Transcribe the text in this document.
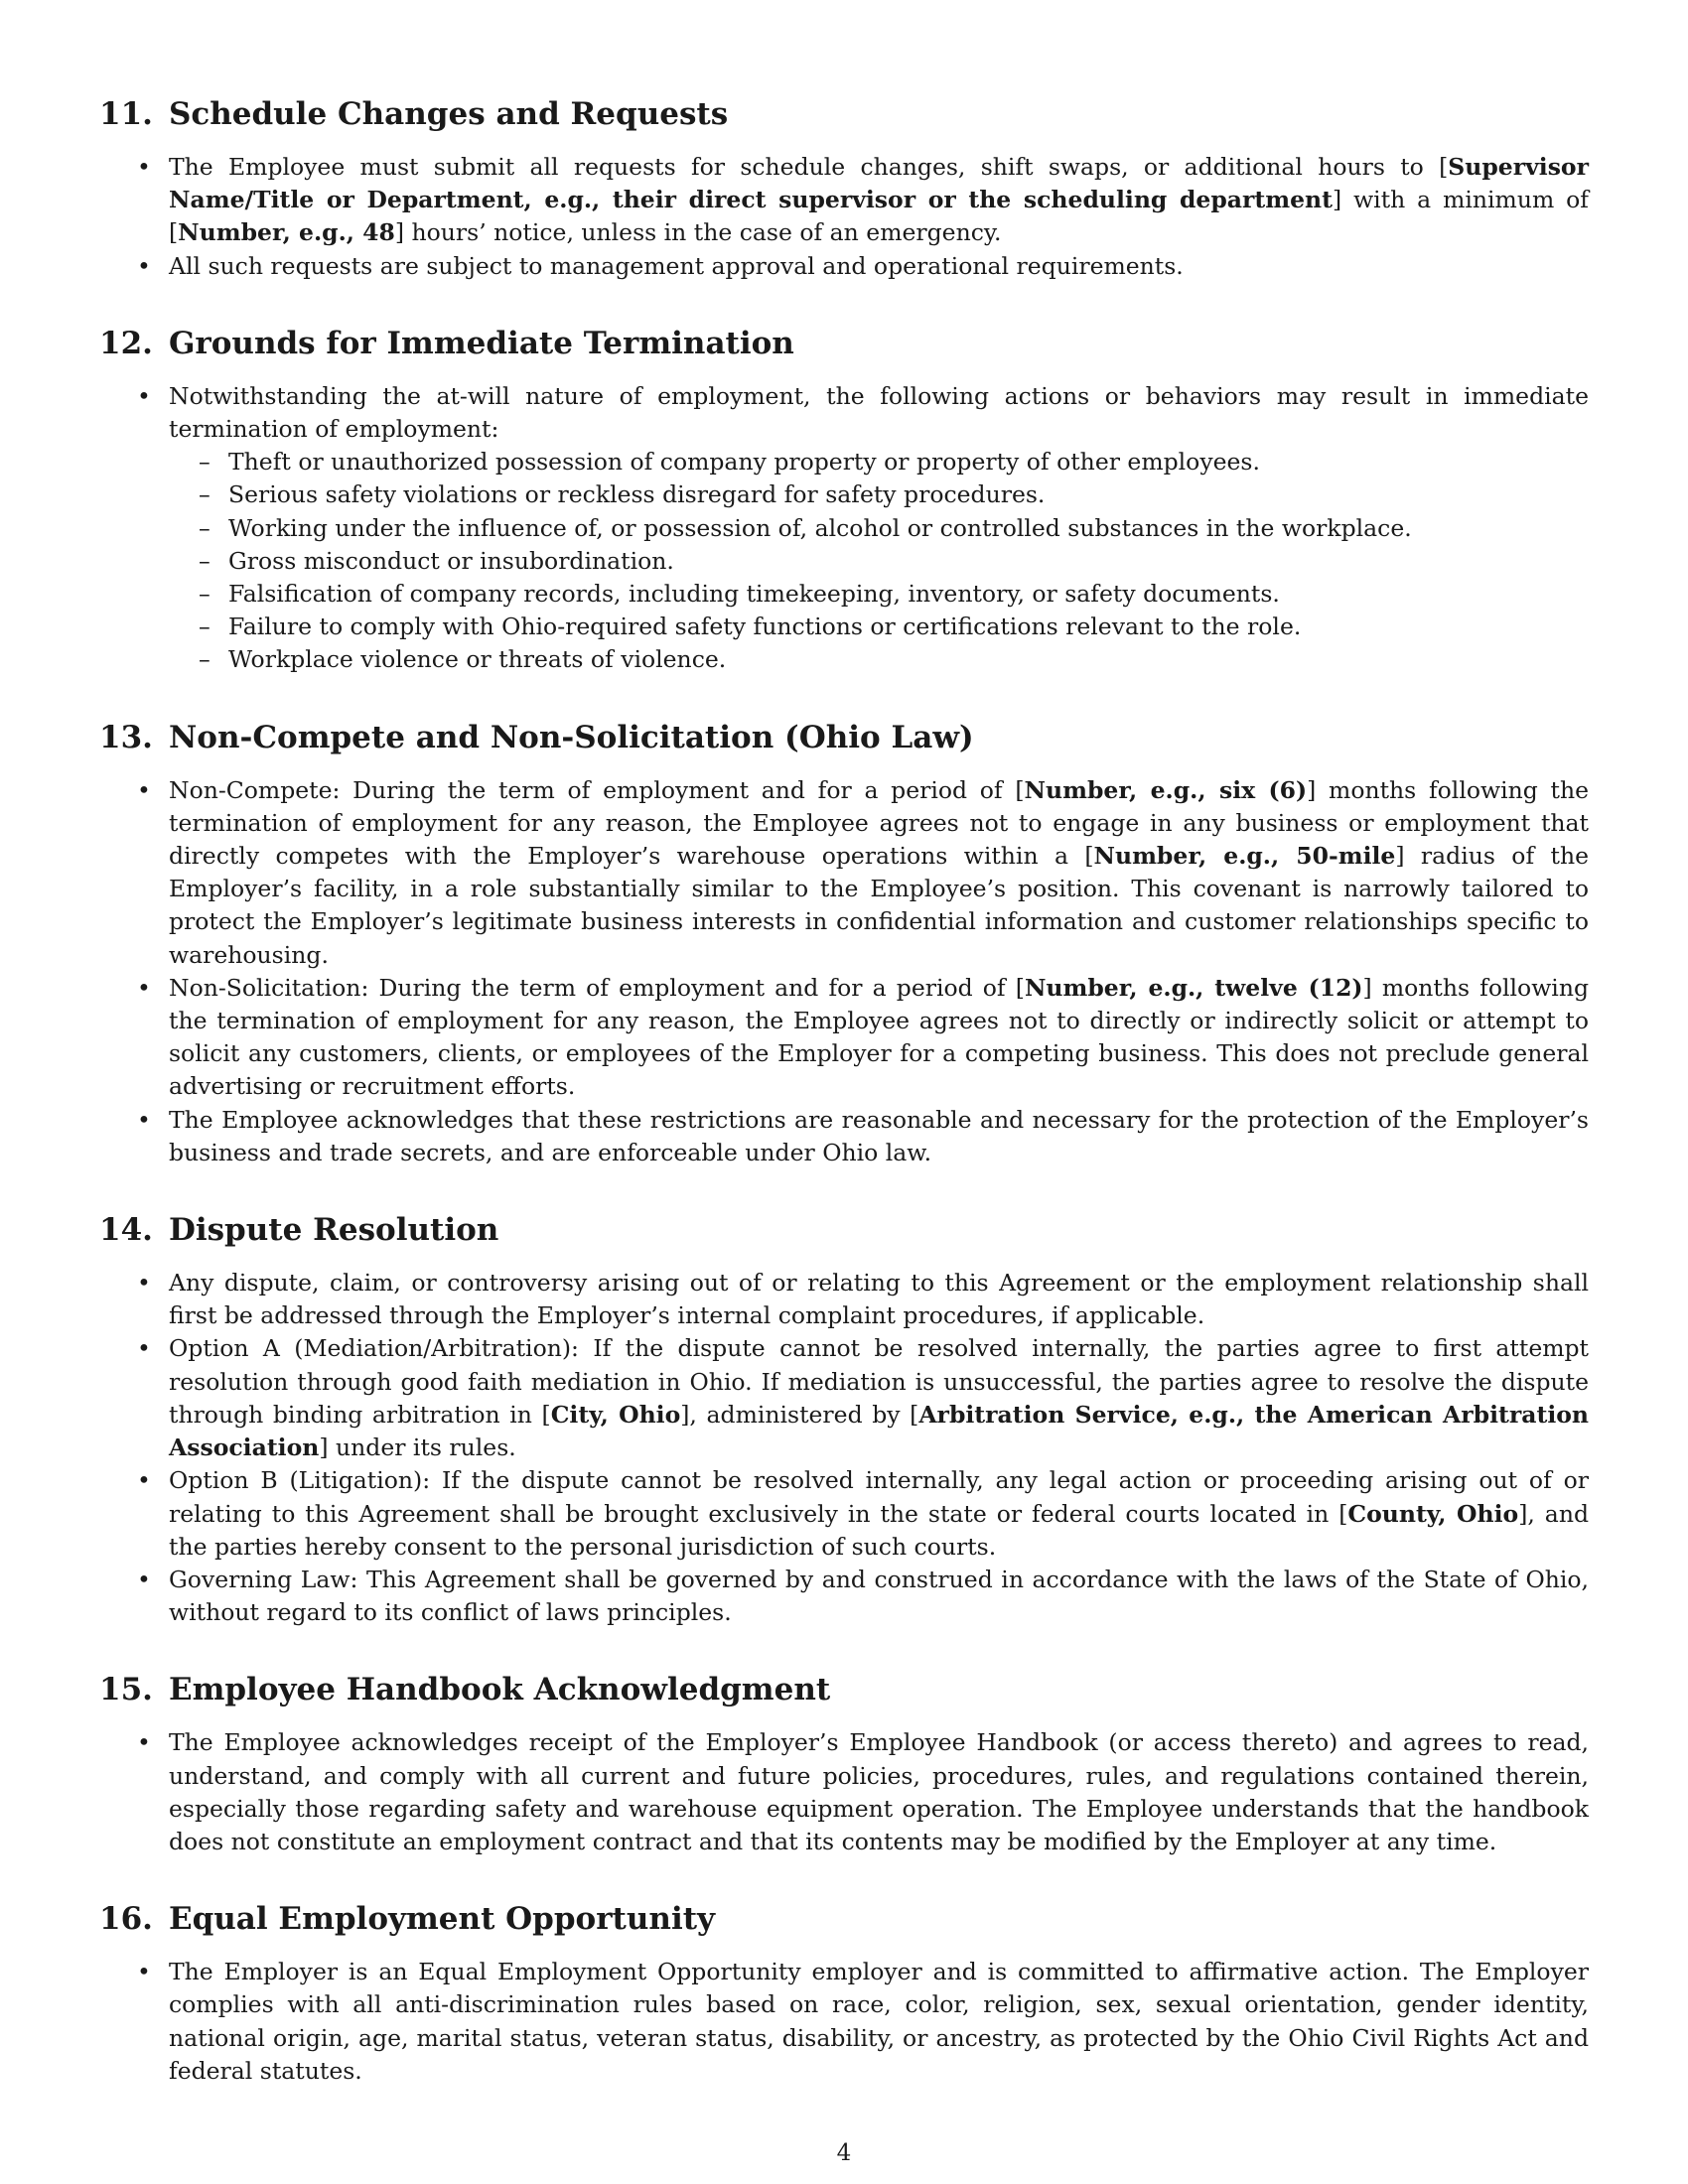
11. Schedule Changes and Requests
• The Employee must submit all requests for schedule changes, shift swaps, or additional hours to [Supervisor Name/Title or Department, e.g., their direct supervisor or the scheduling department] with a minimum of [Number, e.g., 48] hours’ notice, unless in the case of an emergency.
• All such requests are subject to management approval and operational requirements.
12. Grounds for Immediate Termination
• Notwithstanding the at-will nature of employment, the following actions or behaviors may result in immediate termination of employment:
– Theft or unauthorized possession of company property or property of other employees.
– Serious safety violations or reckless disregard for safety procedures.
– Working under the influence of, or possession of, alcohol or controlled substances in the workplace.
– Gross misconduct or insubordination.
– Falsification of company records, including timekeeping, inventory, or safety documents.
– Failure to comply with Ohio-required safety functions or certifications relevant to the role.
– Workplace violence or threats of violence.
13. Non-Compete and Non-Solicitation (Ohio Law)
• Non-Compete: During the term of employment and for a period of [Number, e.g., six (6)] months following the termination of employment for any reason, the Employee agrees not to engage in any business or employment that directly competes with the Employer’s warehouse operations within a [Number, e.g., 50-mile] radius of the Employer’s facility, in a role substantially similar to the Employee’s position. This covenant is narrowly tailored to protect the Employer’s legitimate business interests in confidential information and customer relationships specific to warehousing.
• Non-Solicitation: During the term of employment and for a period of [Number, e.g., twelve (12)] months following the termination of employment for any reason, the Employee agrees not to directly or indirectly solicit or attempt to solicit any customers, clients, or employees of the Employer for a competing business. This does not preclude general advertising or recruitment efforts.
• The Employee acknowledges that these restrictions are reasonable and necessary for the protection of the Employer’s business and trade secrets, and are enforceable under Ohio law.
14. Dispute Resolution
• Any dispute, claim, or controversy arising out of or relating to this Agreement or the employment relationship shall first be addressed through the Employer’s internal complaint procedures, if applicable.
• Option A (Mediation/Arbitration): If the dispute cannot be resolved internally, the parties agree to first attempt resolution through good faith mediation in Ohio. If mediation is unsuccessful, the parties agree to resolve the dispute through binding arbitration in [City, Ohio], administered by [Arbitration Service, e.g., the American Arbitration Association] under its rules.
• Option B (Litigation): If the dispute cannot be resolved internally, any legal action or proceeding arising out of or relating to this Agreement shall be brought exclusively in the state or federal courts located in [County, Ohio], and the parties hereby consent to the personal jurisdiction of such courts.
• Governing Law: This Agreement shall be governed by and construed in accordance with the laws of the State of Ohio, without regard to its conflict of laws principles.
15. Employee Handbook Acknowledgment
• The Employee acknowledges receipt of the Employer’s Employee Handbook (or access thereto) and agrees to read, understand, and comply with all current and future policies, procedures, rules, and regulations contained therein, especially those regarding safety and warehouse equipment operation. The Employee understands that the handbook does not constitute an employment contract and that its contents may be modified by the Employer at any time.
16. Equal Employment Opportunity
• The Employer is an Equal Employment Opportunity employer and is committed to affirmative action. The Employer complies with all anti-discrimination rules based on race, color, religion, sex, sexual orientation, gender identity, national origin, age, marital status, veteran status, disability, or ancestry, as protected by the Ohio Civil Rights Act and federal statutes.
4
